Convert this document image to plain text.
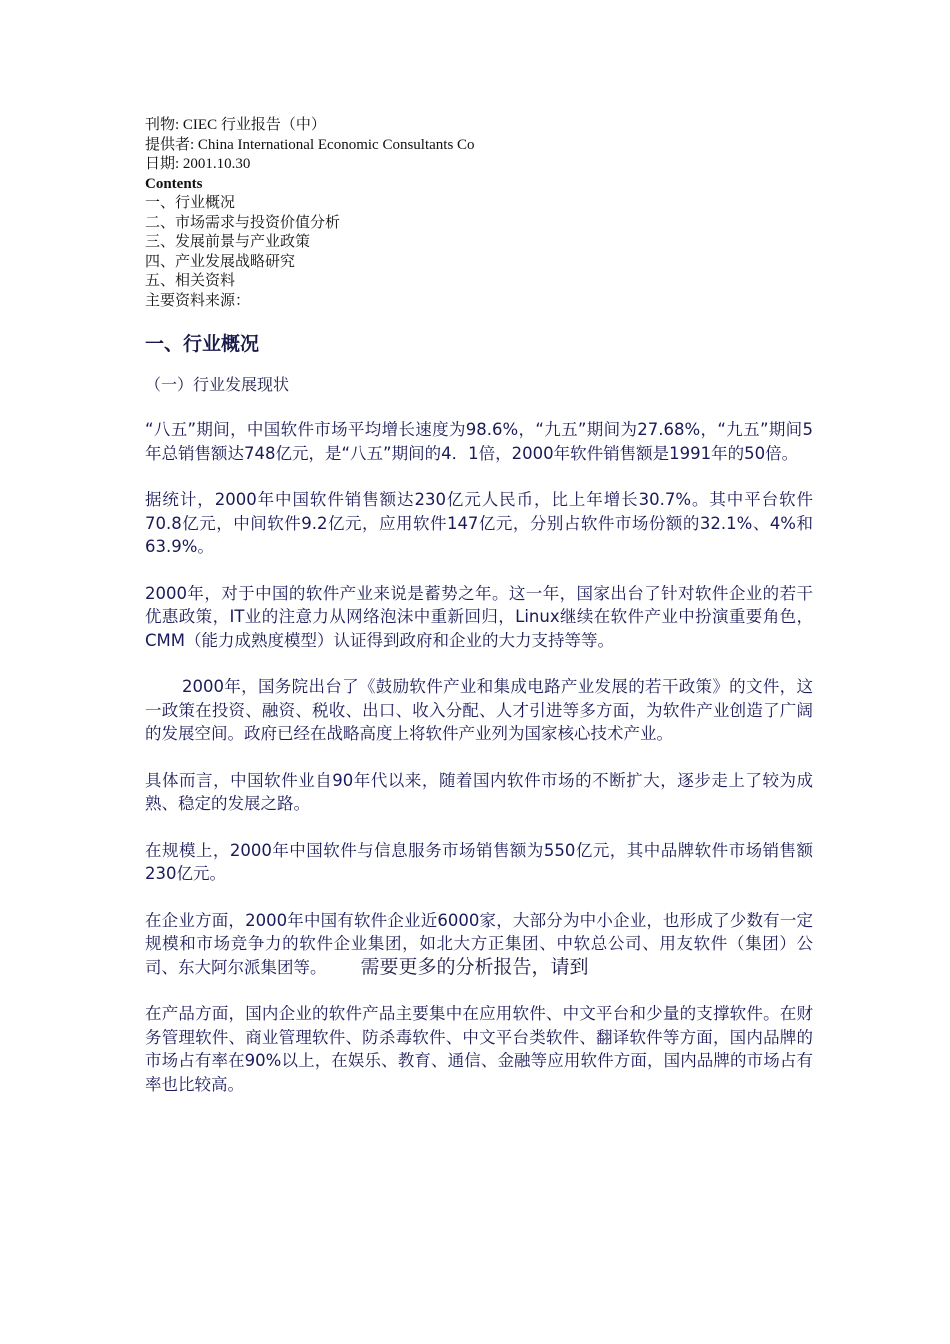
刊物: CIEC 行业报告（中）
提供者: China International Economic Consultants Co
日期: 2001.10.30
Contents
一、行业概况
二、市场需求与投资价值分析
三、发展前景与产业政策
四、产业发展战略研究
五、相关资料
主要资料来源：
一、行业概况
（一）行业发展现状

“八五”期间，中国软件市场平均增长速度为98.6%，“九五”期间为27.68%，“九五”期间5年总销售额达748亿元，是“八五”期间的4．1倍，2000年软件销售额是1991年的50倍。

据统计，2000年中国软件销售额达230亿元人民币，比上年增长30.7%。其中平台软件70.8亿元，中间软件9.2亿元，应用软件147亿元，分别占软件市场份额的32.1%、4%和63.9%。

2000年，对于中国的软件产业来说是蓄势之年。这一年，国家出台了针对软件企业的若干优惠政策，IT业的注意力从网络泡沫中重新回归，Linux继续在软件产业中扮演重要角色，CMM（能力成熟度模型）认证得到政府和企业的大力支持等等。

2000年，国务院出台了《鼓励软件产业和集成电路产业发展的若干政策》的文件，这一政策在投资、融资、税收、出口、收入分配、人才引进等多方面，为软件产业创造了广阔的发展空间。政府已经在战略高度上将软件产业列为国家核心技术产业。

具体而言，中国软件业自90年代以来，随着国内软件市场的不断扩大，逐步走上了较为成熟、稳定的发展之路。

在规模上，2000年中国软件与信息服务市场销售额为550亿元，其中品牌软件市场销售额230亿元。

在企业方面，2000年中国有软件企业近6000家，大部分为中小企业，也形成了少数有一定规模和市场竞争力的软件企业集团，如北大方正集团、中软总公司、用友软件（集团）公司、东大阿尔派集团等。 需要更多的分析报告，请到

在产品方面，国内企业的软件产品主要集中在应用软件、中文平台和少量的支撑软件。在财务管理软件、商业管理软件、防杀毒软件、中文平台类软件、翻译软件等方面，国内品牌的市场占有率在90%以上，在娱乐、教育、通信、金融等应用软件方面，国内品牌的市场占有率也比较高。
